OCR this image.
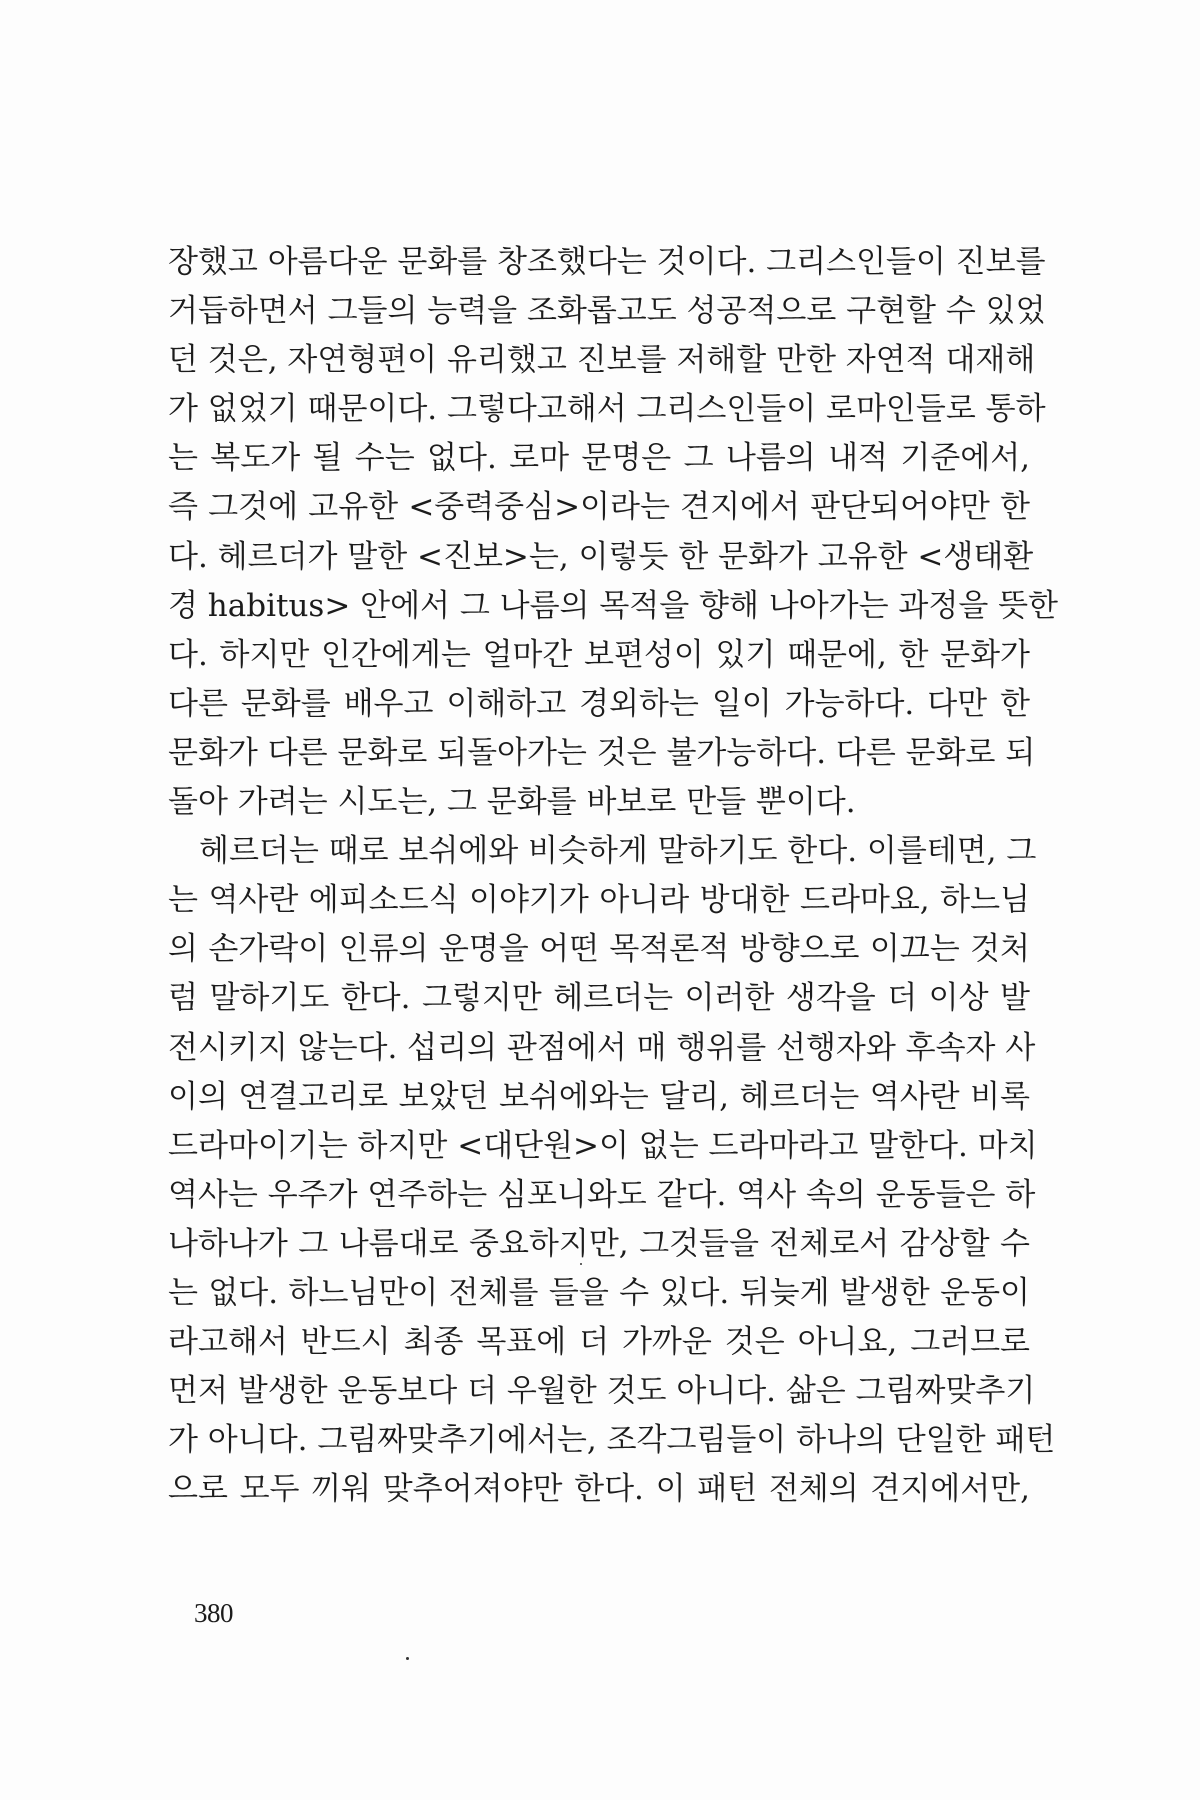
장했고 아름다운 문화를 창조했다는 것이다. 그리스인들이 진보를
거듭하면서 그들의 능력을 조화롭고도 성공적으로 구현할 수 있었
던 것은, 자연형편이 유리했고 진보를 저해할 만한 자연적 대재해
가 없었기 때문이다. 그렇다고해서 그리스인들이 로마인들로 통하
는 복도가 될 수는 없다. 로마 문명은 그 나름의 내적 기준에서,
즉 그것에 고유한 <중력중심>이라는 견지에서 판단되어야만 한
다. 헤르더가 말한 <진보>는, 이렇듯 한 문화가 고유한 <생태환
경 habitus> 안에서 그 나름의 목적을 향해 나아가는 과정을 뜻한
다. 하지만 인간에게는 얼마간 보편성이 있기 때문에, 한 문화가
다른 문화를 배우고 이해하고 경외하는 일이 가능하다. 다만 한
문화가 다른 문화로 되돌아가는 것은 불가능하다. 다른 문화로 되
돌아 가려는 시도는, 그 문화를 바보로 만들 뿐이다.
헤르더는 때로 보쉬에와 비슷하게 말하기도 한다. 이를테면, 그
는 역사란 에피소드식 이야기가 아니라 방대한 드라마요, 하느님
의 손가락이 인류의 운명을 어떤 목적론적 방향으로 이끄는 것처
럼 말하기도 한다. 그렇지만 헤르더는 이러한 생각을 더 이상 발
전시키지 않는다. 섭리의 관점에서 매 행위를 선행자와 후속자 사
이의 연결고리로 보았던 보쉬에와는 달리, 헤르더는 역사란 비록
드라마이기는 하지만 <대단원>이 없는 드라마라고 말한다. 마치
역사는 우주가 연주하는 심포니와도 같다. 역사 속의 운동들은 하
나하나가 그 나름대로 중요하지만, 그것들을 전체로서 감상할 수
는 없다. 하느님만이 전체를 들을 수 있다. 뒤늦게 발생한 운동이
라고해서 반드시 최종 목표에 더 가까운 것은 아니요, 그러므로
먼저 발생한 운동보다 더 우월한 것도 아니다. 삶은 그림짜맞추기
가 아니다. 그림짜맞추기에서는, 조각그림들이 하나의 단일한 패턴
으로 모두 끼워 맞추어져야만 한다. 이 패턴 전체의 견지에서만,
380
